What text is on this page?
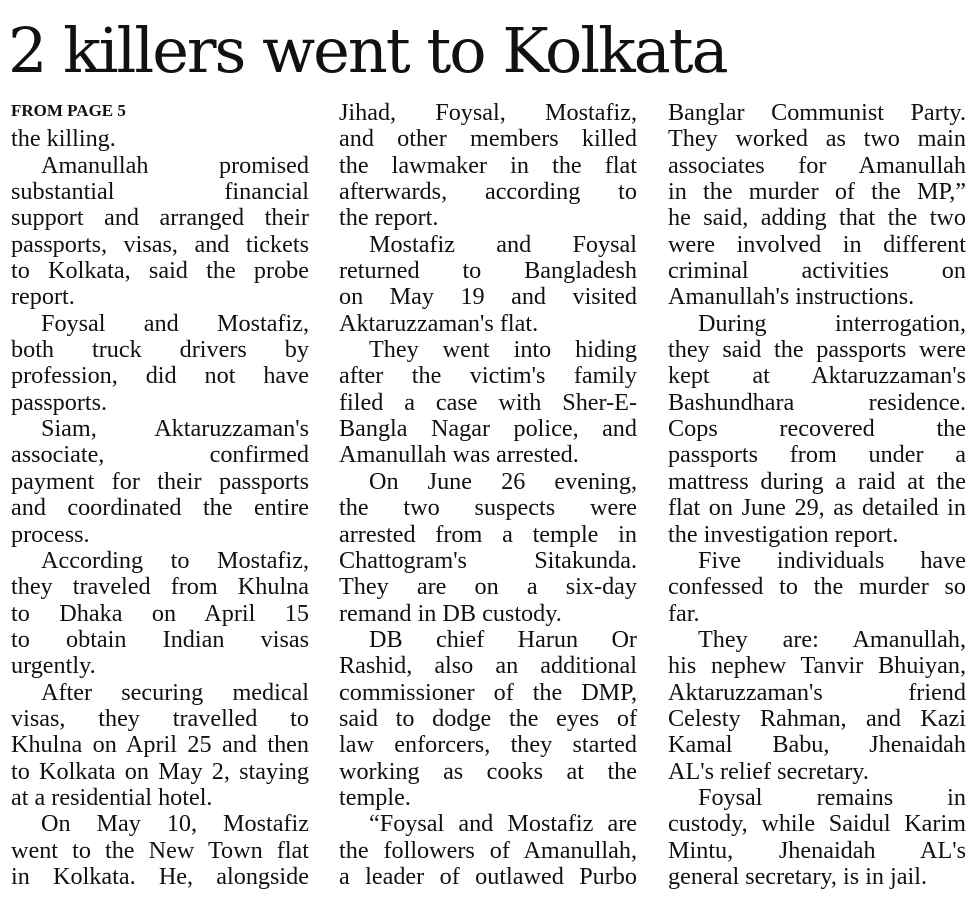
2 killers went to Kolkata
FROM PAGE 5
the killing.
Amanullah promised
substantial financial
support and arranged their
passports, visas, and tickets
to Kolkata, said the probe
report.
Foysal and Mostafiz,
both truck drivers by
profession, did not have
passports.
Siam, Aktaruzzaman's
associate, confirmed
payment for their passports
and coordinated the entire
process.
According to Mostafiz,
they traveled from Khulna
to Dhaka on April 15
to obtain Indian visas
urgently.
After securing medical
visas, they travelled to
Khulna on April 25 and then
to Kolkata on May 2, staying
at a residential hotel.
On May 10, Mostafiz
went to the New Town flat
in Kolkata. He, alongside
Jihad, Foysal, Mostafiz,
and other members killed
the lawmaker in the flat
afterwards, according to
the report.
Mostafiz and Foysal
returned to Bangladesh
on May 19 and visited
Aktaruzzaman's flat.
They went into hiding
after the victim's family
filed a case with Sher-E-
Bangla Nagar police, and
Amanullah was arrested.
On June 26 evening,
the two suspects were
arrested from a temple in
Chattogram's Sitakunda.
They are on a six-day
remand in DB custody.
DB chief Harun Or
Rashid, also an additional
commissioner of the DMP,
said to dodge the eyes of
law enforcers, they started
working as cooks at the
temple.
“Foysal and Mostafiz are
the followers of Amanullah,
a leader of outlawed Purbo
Banglar Communist Party.
They worked as two main
associates for Amanullah
in the murder of the MP,”
he said, adding that the two
were involved in different
criminal activities on
Amanullah's instructions.
During interrogation,
they said the passports were
kept at Aktaruzzaman's
Bashundhara residence.
Cops recovered the
passports from under a
mattress during a raid at the
flat on June 29, as detailed in
the investigation report.
Five individuals have
confessed to the murder so
far.
They are: Amanullah,
his nephew Tanvir Bhuiyan,
Aktaruzzaman's friend
Celesty Rahman, and Kazi
Kamal Babu, Jhenaidah
AL's relief secretary.
Foysal remains in
custody, while Saidul Karim
Mintu, Jhenaidah AL's
general secretary, is in jail.
